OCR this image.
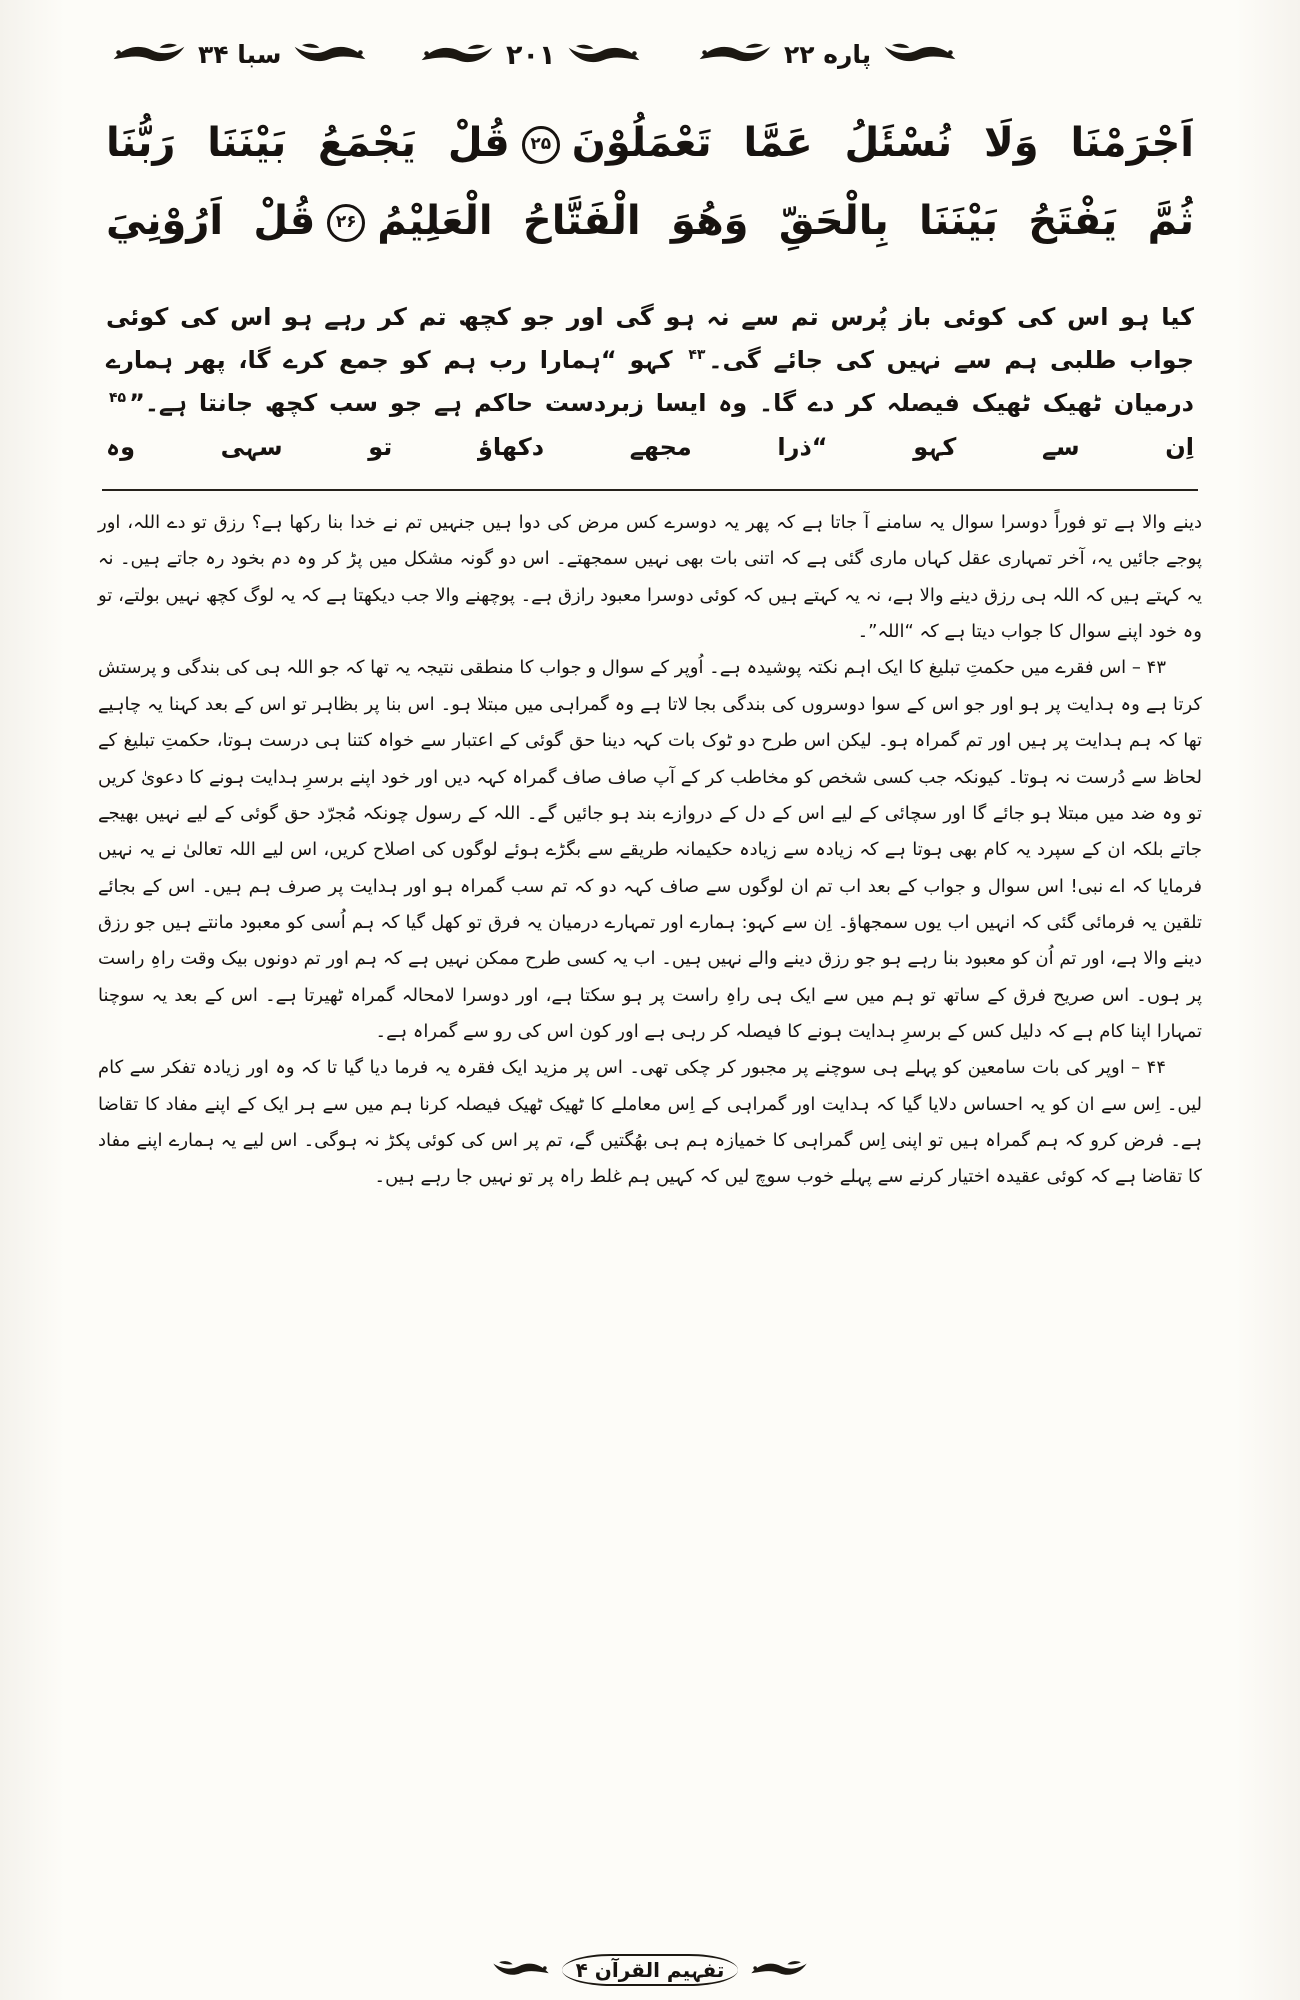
سبا ۳۴	۲۰۱	پاره ۲۲

اَجْرَمْنَا وَلَا نُسْئَلُ عَمَّا تَعْمَلُوْنَ۲۵قُلْ يَجْمَعُ بَيْنَنَا رَبُّنَا

ثُمَّ يَفْتَحُ بَيْنَنَا بِالْحَقِّ وَهُوَ الْفَتَّاحُ الْعَلِيْمُ۲۶قُلْ اَرُوْنِيَ

کیا ہو اس کی کوئی باز پُرس تم سے نہ ہو گی اور جو کچھ تم کر رہے ہو اس کی کوئی جواب طلبی ہم سے نہیں کی جائے گی۔$^{۴۳}$ کہو “ہمارا رب ہم کو جمع کرے گا، پھر ہمارے درمیان ٹھیک ٹھیک فیصلہ کر دے گا۔ وہ ایسا زبردست حاکم ہے جو سب کچھ جانتا ہے۔”$^{۴۵}$ اِن سے کہو “ذرا مجھے دکھاؤ تو سہی وہ

دینے والا ہے تو فوراً دوسرا سوال یہ سامنے آ جاتا ہے کہ پھر یہ دوسرے کس مرض کی دوا ہیں جنہیں تم نے خدا بنا رکھا ہے؟ رزق تو دے اللہ، اور پوجے جائیں یہ، آخر تمہاری عقل کہاں ماری گئی ہے کہ اتنی بات بھی نہیں سمجھتے۔ اس دو گونہ مشکل میں پڑ کر وہ دم بخود رہ جاتے ہیں۔ نہ یہ کہتے ہیں کہ اللہ ہی رزق دینے والا ہے، نہ یہ کہتے ہیں کہ کوئی دوسرا معبود رازق ہے۔ پوچھنے والا جب دیکھتا ہے کہ یہ لوگ کچھ نہیں بولتے، تو وہ خود اپنے سوال کا جواب دیتا ہے کہ “اللہ”۔

۴۳ – اس فقرے میں حکمتِ تبلیغ کا ایک اہم نکتہ پوشیدہ ہے۔ اُوپر کے سوال و جواب کا منطقی نتیجہ یہ تھا کہ جو اللہ ہی کی بندگی و پرستش کرتا ہے وہ ہدایت پر ہو اور جو اس کے سوا دوسروں کی بندگی بجا لاتا ہے وہ گمراہی میں مبتلا ہو۔ اس بنا پر بظاہر تو اس کے بعد کہنا یہ چاہیے تھا کہ ہم ہدایت پر ہیں اور تم گمراہ ہو۔ لیکن اس طرح دو ٹوک بات کہہ دینا حق گوئی کے اعتبار سے خواہ کتنا ہی درست ہوتا، حکمتِ تبلیغ کے لحاظ سے دُرست نہ ہوتا۔ کیونکہ جب کسی شخص کو مخاطب کر کے آپ صاف صاف گمراہ کہہ دیں اور خود اپنے برسرِ ہدایت ہونے کا دعویٰ کریں تو وہ ضد میں مبتلا ہو جائے گا اور سچائی کے لیے اس کے دل کے دروازے بند ہو جائیں گے۔ اللہ کے رسول چونکہ مُجرّد حق گوئی کے لیے نہیں بھیجے جاتے بلکہ ان کے سپرد یہ کام بھی ہوتا ہے کہ زیادہ سے زیادہ حکیمانہ طریقے سے بگڑے ہوئے لوگوں کی اصلاح کریں، اس لیے اللہ تعالیٰ نے یہ نہیں فرمایا کہ اے نبی! اس سوال و جواب کے بعد اب تم ان لوگوں سے صاف کہہ دو کہ تم سب گمراہ ہو اور ہدایت پر صرف ہم ہیں۔ اس کے بجائے تلقین یہ فرمائی گئی کہ انہیں اب یوں سمجھاؤ۔ اِن سے کہو: ہمارے اور تمہارے درمیان یہ فرق تو کھل گیا کہ ہم اُسی کو معبود مانتے ہیں جو رزق دینے والا ہے، اور تم اُن کو معبود بنا رہے ہو جو رزق دینے والے نہیں ہیں۔ اب یہ کسی طرح ممکن نہیں ہے کہ ہم اور تم دونوں بیک وقت راہِ راست پر ہوں۔ اس صریح فرق کے ساتھ تو ہم میں سے ایک ہی راہِ راست پر ہو سکتا ہے، اور دوسرا لامحالہ گمراہ ٹھیرتا ہے۔ اس کے بعد یہ سوچنا تمہارا اپنا کام ہے کہ دلیل کس کے برسرِ ہدایت ہونے کا فیصلہ کر رہی ہے اور کون اس کی رو سے گمراہ ہے۔

۴۴ – اوپر کی بات سامعین کو پہلے ہی سوچنے پر مجبور کر چکی تھی۔ اس پر مزید ایک فقرہ یہ فرما دیا گیا تا کہ وہ اور زیادہ تفکر سے کام لیں۔ اِس سے ان کو یہ احساس دلایا گیا کہ ہدایت اور گمراہی کے اِس معاملے کا ٹھیک ٹھیک فیصلہ کرنا ہم میں سے ہر ایک کے اپنے مفاد کا تقاضا ہے۔ فرض کرو کہ ہم گمراہ ہیں تو اپنی اِس گمراہی کا خمیازہ ہم ہی بھُگتیں گے، تم پر اس کی کوئی پکڑ نہ ہوگی۔ اس لیے یہ ہمارے اپنے مفاد کا تقاضا ہے کہ کوئی عقیدہ اختیار کرنے سے پہلے خوب سوچ لیں کہ کہیں ہم غلط راہ پر تو نہیں جا رہے ہیں۔

تفہیم القرآن ۴
